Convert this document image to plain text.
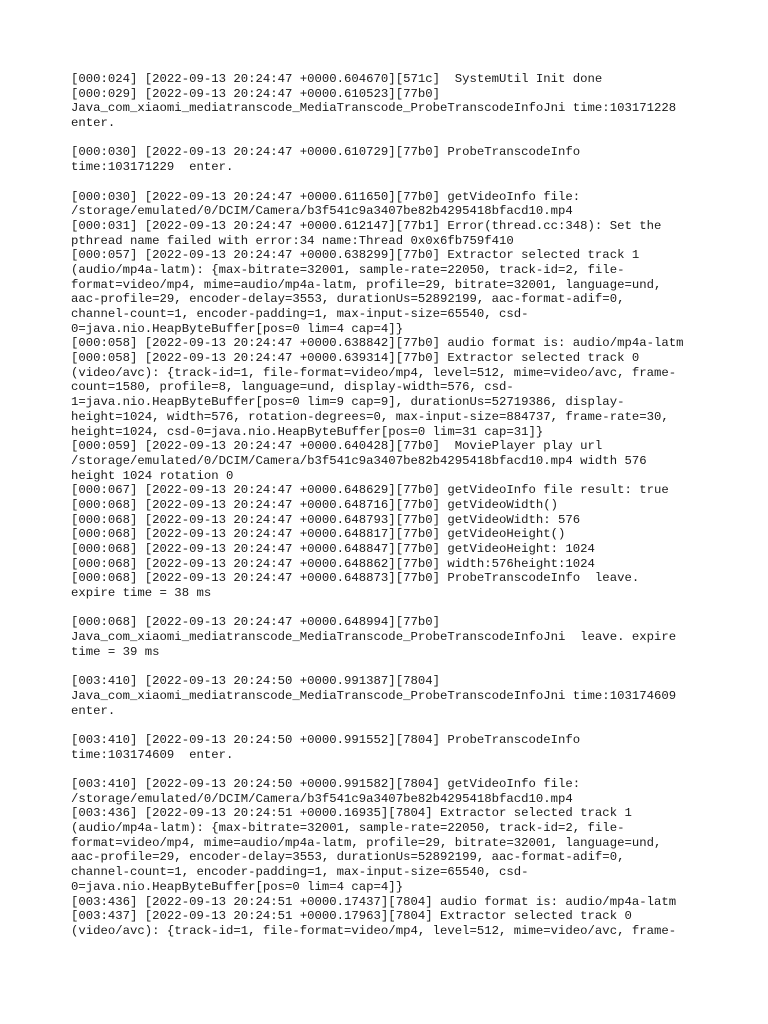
[000:024] [2022-09-13 20:24:47 +0000.604670][571c]  SystemUtil Init done
[000:029] [2022-09-13 20:24:47 +0000.610523][77b0]
Java_com_xiaomi_mediatranscode_MediaTranscode_ProbeTranscodeInfoJni time:103171228
enter.
[000:030] [2022-09-13 20:24:47 +0000.610729][77b0] ProbeTranscodeInfo
time:103171229  enter.
[000:030] [2022-09-13 20:24:47 +0000.611650][77b0] getVideoInfo file:
/storage/emulated/0/DCIM/Camera/b3f541c9a3407be82b4295418bfacd10.mp4
[000:031] [2022-09-13 20:24:47 +0000.612147][77b1] Error(thread.cc:348): Set the
pthread name failed with error:34 name:Thread 0x0x6fb759f410
[000:057] [2022-09-13 20:24:47 +0000.638299][77b0] Extractor selected track 1
(audio/mp4a-latm): {max-bitrate=32001, sample-rate=22050, track-id=2, file-
format=video/mp4, mime=audio/mp4a-latm, profile=29, bitrate=32001, language=und,
aac-profile=29, encoder-delay=3553, durationUs=52892199, aac-format-adif=0,
channel-count=1, encoder-padding=1, max-input-size=65540, csd-
0=java.nio.HeapByteBuffer[pos=0 lim=4 cap=4]}
[000:058] [2022-09-13 20:24:47 +0000.638842][77b0] audio format is: audio/mp4a-latm
[000:058] [2022-09-13 20:24:47 +0000.639314][77b0] Extractor selected track 0
(video/avc): {track-id=1, file-format=video/mp4, level=512, mime=video/avc, frame-
count=1580, profile=8, language=und, display-width=576, csd-
1=java.nio.HeapByteBuffer[pos=0 lim=9 cap=9], durationUs=52719386, display-
height=1024, width=576, rotation-degrees=0, max-input-size=884737, frame-rate=30,
height=1024, csd-0=java.nio.HeapByteBuffer[pos=0 lim=31 cap=31]}
[000:059] [2022-09-13 20:24:47 +0000.640428][77b0]  MoviePlayer play url
/storage/emulated/0/DCIM/Camera/b3f541c9a3407be82b4295418bfacd10.mp4 width 576
height 1024 rotation 0
[000:067] [2022-09-13 20:24:47 +0000.648629][77b0] getVideoInfo file result: true
[000:068] [2022-09-13 20:24:47 +0000.648716][77b0] getVideoWidth()
[000:068] [2022-09-13 20:24:47 +0000.648793][77b0] getVideoWidth: 576
[000:068] [2022-09-13 20:24:47 +0000.648817][77b0] getVideoHeight()
[000:068] [2022-09-13 20:24:47 +0000.648847][77b0] getVideoHeight: 1024
[000:068] [2022-09-13 20:24:47 +0000.648862][77b0] width:576height:1024
[000:068] [2022-09-13 20:24:47 +0000.648873][77b0] ProbeTranscodeInfo  leave.
expire time = 38 ms
[000:068] [2022-09-13 20:24:47 +0000.648994][77b0]
Java_com_xiaomi_mediatranscode_MediaTranscode_ProbeTranscodeInfoJni  leave. expire
time = 39 ms
[003:410] [2022-09-13 20:24:50 +0000.991387][7804]
Java_com_xiaomi_mediatranscode_MediaTranscode_ProbeTranscodeInfoJni time:103174609
enter.
[003:410] [2022-09-13 20:24:50 +0000.991552][7804] ProbeTranscodeInfo
time:103174609  enter.
[003:410] [2022-09-13 20:24:50 +0000.991582][7804] getVideoInfo file:
/storage/emulated/0/DCIM/Camera/b3f541c9a3407be82b4295418bfacd10.mp4
[003:436] [2022-09-13 20:24:51 +0000.16935][7804] Extractor selected track 1
(audio/mp4a-latm): {max-bitrate=32001, sample-rate=22050, track-id=2, file-
format=video/mp4, mime=audio/mp4a-latm, profile=29, bitrate=32001, language=und,
aac-profile=29, encoder-delay=3553, durationUs=52892199, aac-format-adif=0,
channel-count=1, encoder-padding=1, max-input-size=65540, csd-
0=java.nio.HeapByteBuffer[pos=0 lim=4 cap=4]}
[003:436] [2022-09-13 20:24:51 +0000.17437][7804] audio format is: audio/mp4a-latm
[003:437] [2022-09-13 20:24:51 +0000.17963][7804] Extractor selected track 0
(video/avc): {track-id=1, file-format=video/mp4, level=512, mime=video/avc, frame-
